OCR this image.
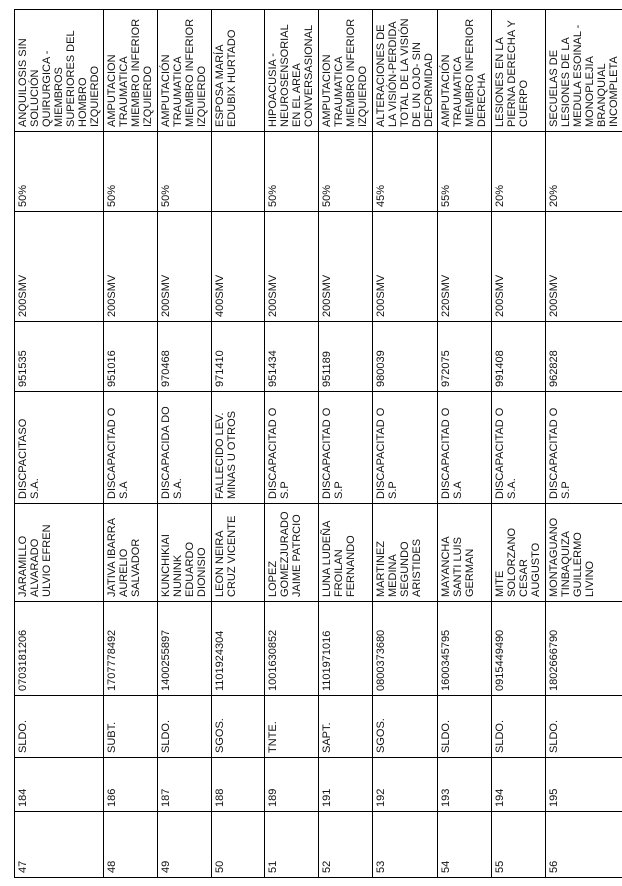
47	184	SLDO.	0703181206	JARAMILLO ALVARADO ULVIO EFREN	DISCPACITASO S.A.	951535	200SMV	50%	ANQUILOSIS SIN SOLUCIÓN QUIRURGICA - MIEMBROS SUPERIORES DEL HOMBRO IZQUIERDO
48	186	SUBT.	1707778492	JATIVA IBARRA AURELIO SALVADOR	DISCAPACITAD O S.A	951016	200SMV	50%	AMPUTACION TRAUMATICA MIEMBRO INFERIOR IZQUIERDO
49	187	SLDO.	1400255897	KUNCHIKIAI NUNINK EDUARDO DIONISIO	DISCAPACIDA DO S.A.	970468	200SMV	50%	AMPUTACIÓN TRAUMATICA MIEMBRO INFERIOR IZQUIERDO
50	188	SGOS.	1101924304	LEON NEIRA CRUZ VICENTE	FALLECIDO LEV. MINAS U OTROS	971410	400SMV		ESPOSA MARÍA EDUBIX HURTADO
51	189	TNTE.	1001630852	LOPEZ GOMEZJURADO JAIME PATRCIO	DISCAPACITAD O S.P	951434	200SMV	50%	HIPOACUSIA - NEUROSENSORIAL EN EL AREA CONVERSASIONAL
52	191	SAPT.	1101971016	LUNA LUDEÑA FROILAN FERNANDO	DISCAPACITAD O S.P	951189	200SMV	50%	AMPUTACION TRAUMATICA MIEMBRO INFERIOR IZQUIERDO
53	192	SGOS.	0800373680	MARTINEZ MEDINA SEGUNDO ARISTIDES	DISCAPACITAD O S.P	980039	200SMV	45%	ALTERACIONES DE LA VISIÓN-PERDIDA TOTAL DE LA VISIÓN DE UN OJO- SIN DEFORMIDAD
54	193	SLDO.	1600345795	MAYANCHA SANTI LUIS GERMAN	DISCAPACITAD O S.A	972075	220SMV	55%	AMPUTACIÓN TRAUMATICA MIEMBRO INFERIOR DERECHA
55	194	SLDO.	0915449490	MITE SOLORZANO CESAR AUGUSTO	DISCAPACITAD O S.A.	991408	200SMV	20%	LESIONES EN LA PIERNA DERECHA Y CUERPO
56	195	SLDO.	1802666790	MONTAGUANO TINBAQUIZA GUILLERMO LIVINO	DISCAPACITAD O S.P	962828	200SMV	20%	SECUELAS DE LESIONES DE LA MEDULA ESOINAL - MONOPLEJIA BRANQUIAL INCOMPLETA
